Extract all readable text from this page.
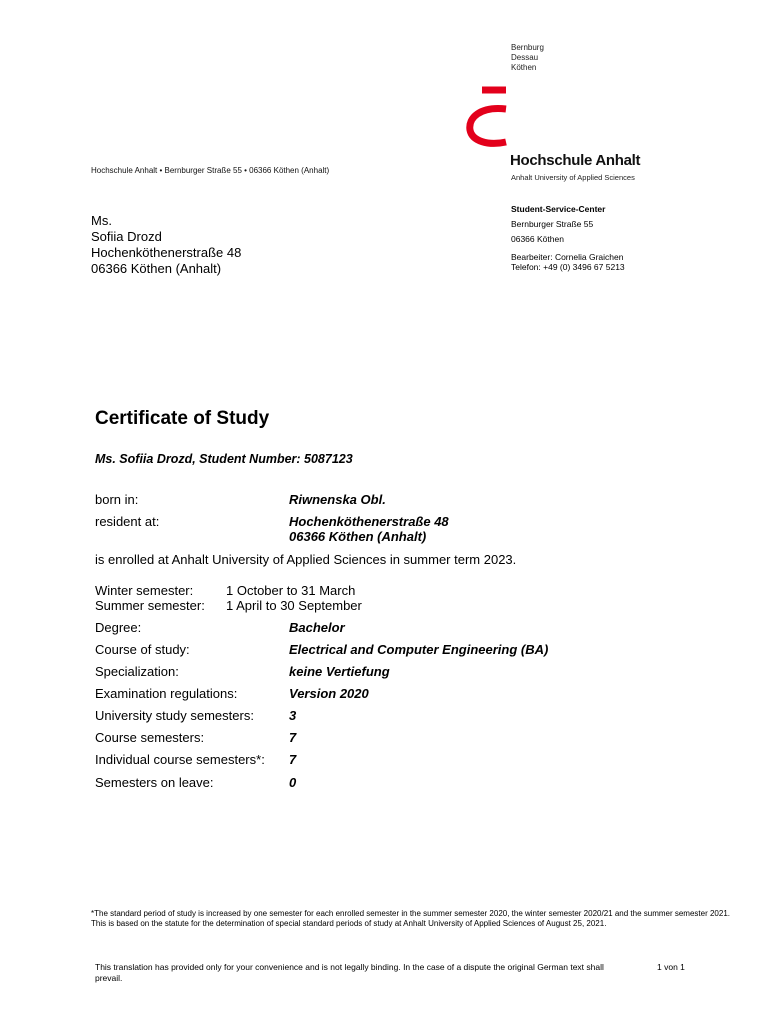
Bernburg
Dessau
Köthen
Hochschule Anhalt
Anhalt University of Applied Sciences
Hochschule Anhalt • Bernburger Straße 55 • 06366 Köthen (Anhalt)
Ms.
Sofiia Drozd
Hochenköthenerstraße 48
06366 Köthen (Anhalt)
Student-Service-Center
Bernburger Straße 55
06366 Köthen
Bearbeiter: Cornelia Graichen
Telefon: +49 (0) 3496 67 5213
Certificate of Study
Ms. Sofiia Drozd, Student Number: 5087123
born in:	Riwnenska Obl.
resident at:	Hochenköthenerstraße 48
06366 Köthen (Anhalt)
is enrolled at Anhalt University of Applied Sciences in summer term 2023.
Winter semester:	1 October to 31 March
Summer semester: 1 April to 30 September
Degree:	Bachelor
Course of study:	Electrical and Computer Engineering (BA)
Specialization:	keine Vertiefung
Examination regulations:	Version 2020
University study semesters:	3
Course semesters:	7
Individual course semesters*: 7
Semesters on leave:	0
*The standard period of study is increased by one semester for each enrolled semester in the summer semester 2020, the winter semester 2020/21 and the summer semester 2021. This is based on the statute for the determination of special standard periods of study at Anhalt University of Applied Sciences of August 25, 2021.
This translation has provided only for your convenience and is not legally binding. In the case of a dispute the original German text shall prevail.
1 von 1
